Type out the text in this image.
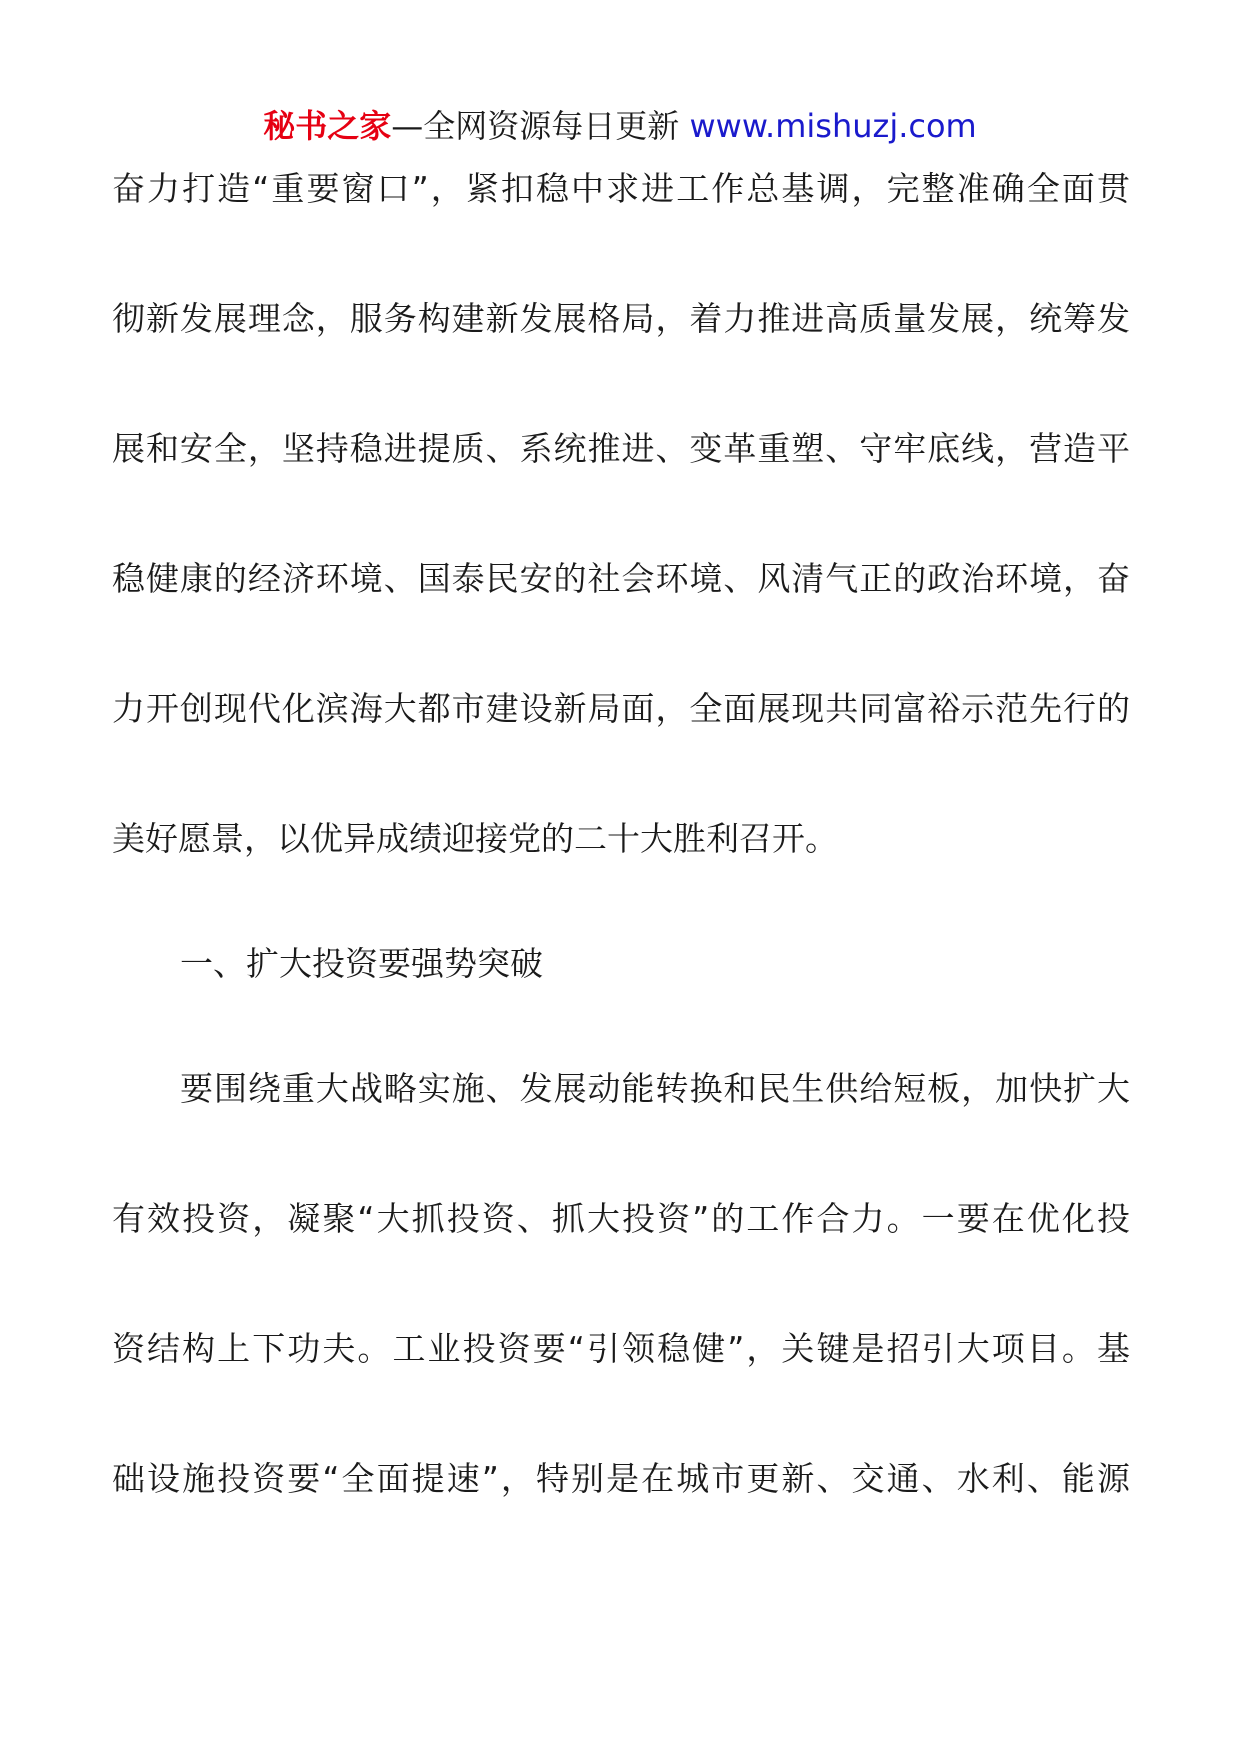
秘书之家—全网资源每日更新 www.mishuzj.com
奋力打造“重要窗口”，紧扣稳中求进工作总基调，完整准确全面贯
彻新发展理念，服务构建新发展格局，着力推进高质量发展，统筹发
展和安全，坚持稳进提质、系统推进、变革重塑、守牢底线，营造平
稳健康的经济环境、国泰民安的社会环境、风清气正的政治环境，奋
力开创现代化滨海大都市建设新局面，全面展现共同富裕示范先行的
美好愿景，以优异成绩迎接党的二十大胜利召开。
一、扩大投资要强势突破
要围绕重大战略实施、发展动能转换和民生供给短板，加快扩大
有效投资，凝聚“大抓投资、抓大投资”的工作合力。一要在优化投
资结构上下功夫。工业投资要“引领稳健”，关键是招引大项目。基
础设施投资要“全面提速”，特别是在城市更新、交通、水利、能源
